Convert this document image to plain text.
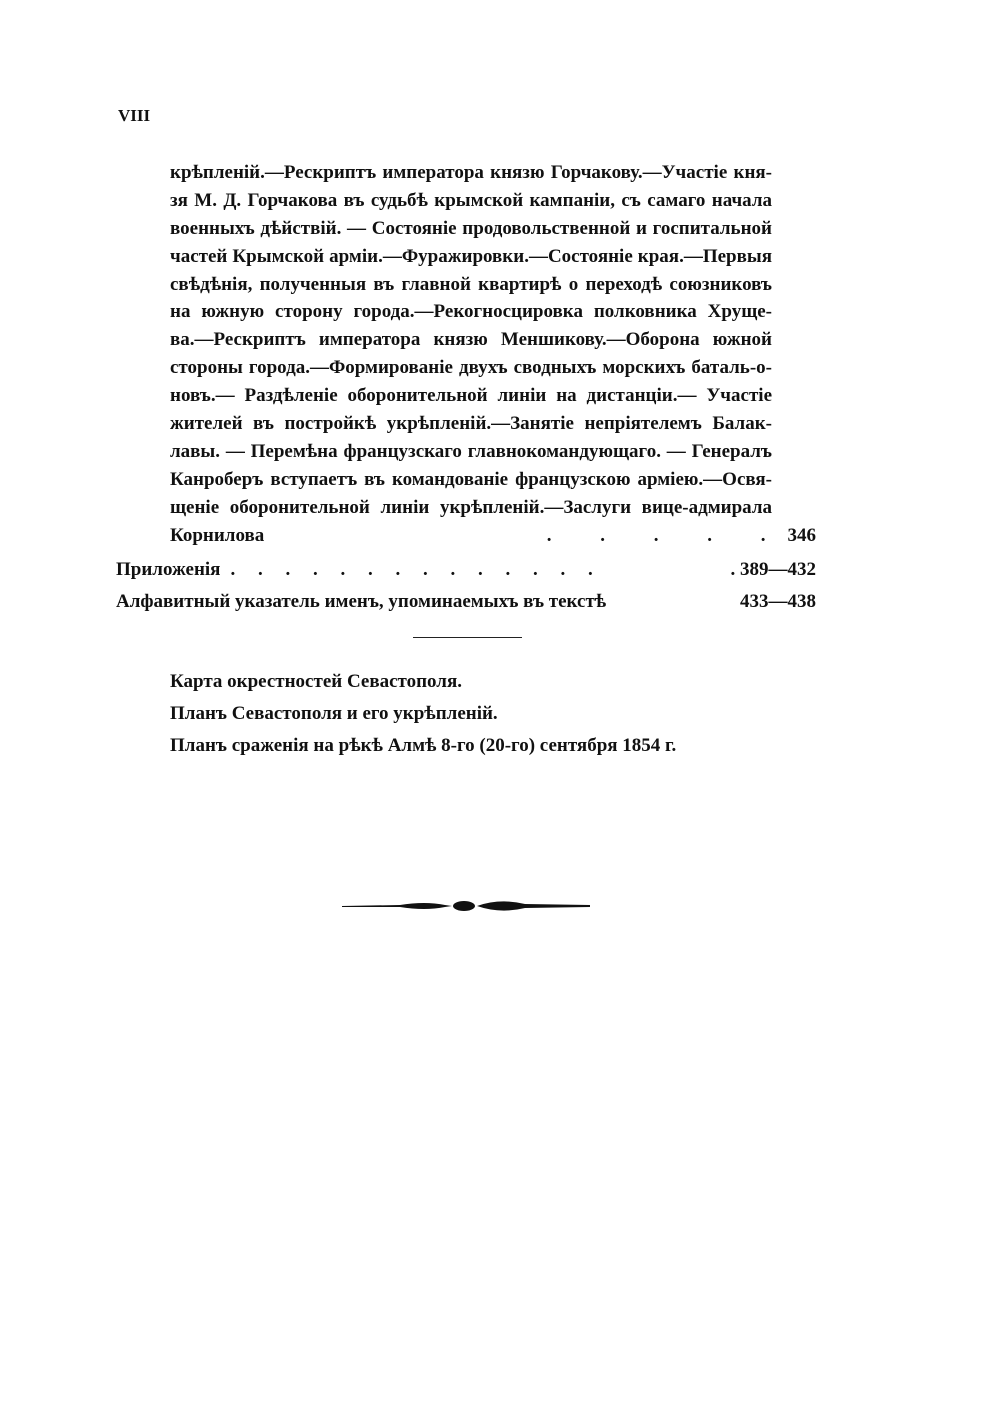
VIII
крѣпленій.—Рескриптъ императора князю Горчакову.—Участіе кня-
зя М. Д. Горчакова въ судьбѣ крымской кампаніи, съ самаго начала
военныхъ дѣйствій. — Состояніе продовольственной и госпитальной
частей Крымской арміи.—Фуражировки.—Состояніе края.—Первыя
свѣдѣнія, полученныя въ главной квартирѣ о переходѣ союзниковъ
на южную сторону города.—Рекогносцировка полковника Хруще-
ва.—Рескриптъ императора князю Меншикову.—Оборона южной
стороны города.—Формированіе двухъ сводныхъ морскихъ баталь-о-
новъ.— Раздѣленіе оборонительной линіи на дистанціи.— Участіе
жителей въ постройкѣ укрѣпленій.—Занятіе непріятелемъ Балак-
лавы. — Перемѣна французскаго главнокомандующаго. — Генералъ
Канроберъ вступаетъ въ командованіе французскою арміею.—Освя-
щеніе оборонительной линіи укрѣпленій.—Заслуги вице-адмирала
Корнилова	. . . . . 346
Приложенія . . . . . . . . . . . . . .	. 389—432
Алфавитный указатель именъ, упоминаемыхъ въ текстѣ	433—438
Карта окрестностей Севастополя.
Планъ Севастополя и его укрѣпленій.
Планъ сраженія на рѣкѣ Алмѣ 8-го (20-го) сентября 1854 г.
